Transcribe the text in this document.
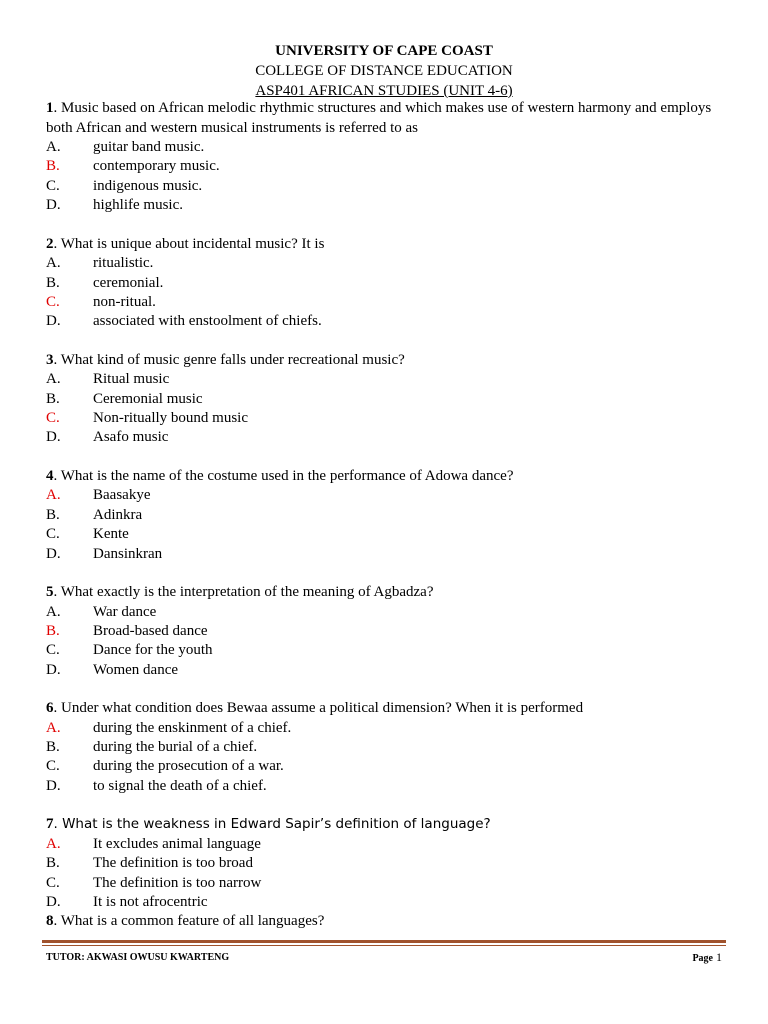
UNIVERSITY OF CAPE COAST
COLLEGE OF DISTANCE EDUCATION
ASP401 AFRICAN STUDIES (UNIT 4-6)
1. Music based on African melodic rhythmic structures and which makes use of western harmony and employs both African and western musical instruments is referred to as
A.	guitar band music.
B.	contemporary music.
C.	indigenous music.
D.	highlife music.
2. What is unique about incidental music? It is
A.	ritualistic.
B.	ceremonial.
C.	non-ritual.
D.	associated with enstoolment of chiefs.
3. What kind of music genre falls under recreational music?
A.	Ritual music
B.	Ceremonial music
C.	Non-ritually bound music
D.	Asafo music
4. What is the name of the costume used in the performance of Adowa dance?
A.	Baasakye
B.	Adinkra
C.	Kente
D.	Dansinkran
5. What exactly is the interpretation of the meaning of Agbadza?
A.	War dance
B.	Broad-based dance
C.	Dance for the youth
D.	Women dance
6. Under what condition does Bewaa assume a political dimension? When it is performed
A.	during the enskinment of a chief.
B.	during the burial of a chief.
C.	during the prosecution of a war.
D.	to signal the death of a chief.
7. What is the weakness in Edward Sapir’s definition of language?
A.	It excludes animal language
B.	The definition is too broad
C.	The definition is too narrow
D.	It is not afrocentric
8. What is a common feature of all languages?
TUTOR: AKWASI OWUSU KWARTENG	Page 1
